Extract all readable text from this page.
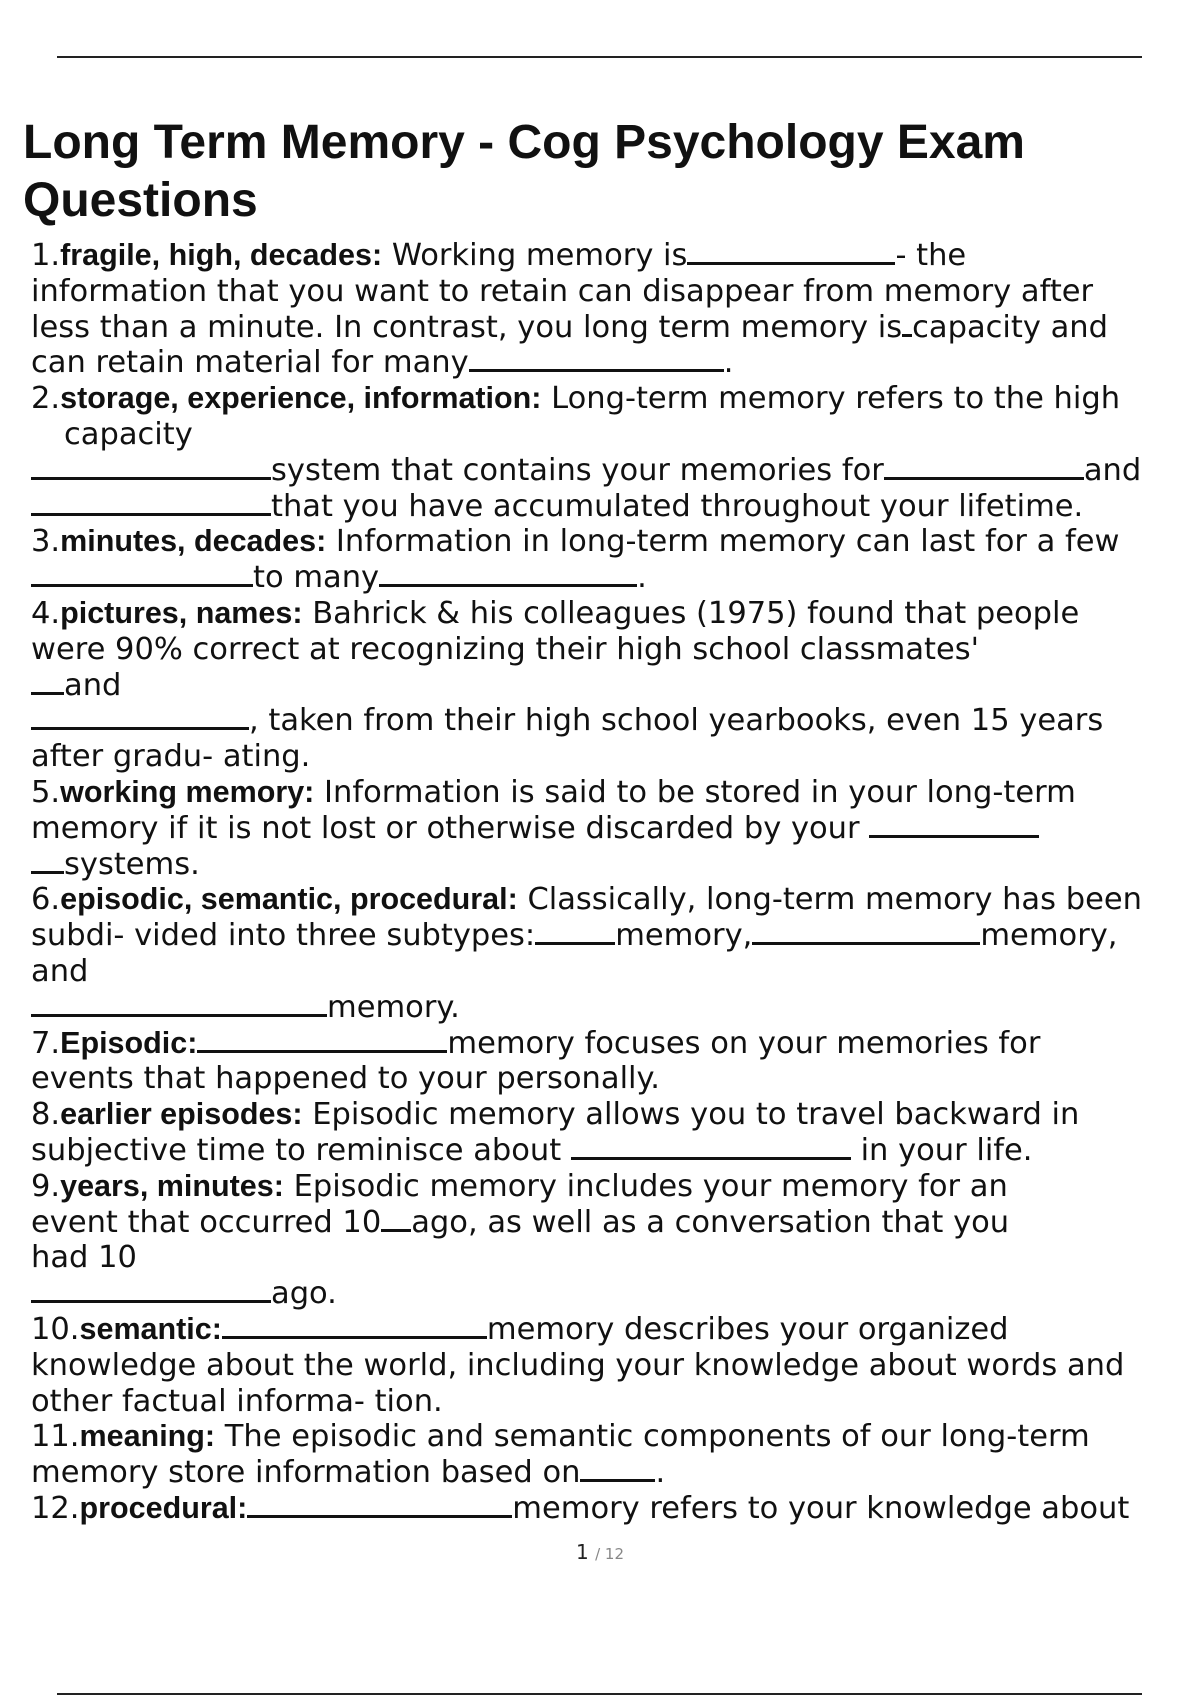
Long Term Memory - Cog Psychology Exam Questions
1.fragile, high, decades: Working memory is	- the
information that you want to retain can disappear from memory after
less than a minute. In contrast, you long term memory is capacity and
can retain material for many	.
2.storage, experience, information: Long-term memory refers to the high
capacity
system that contains your memories for	and
that you have accumulated throughout your lifetime.
3.minutes, decades: Information in long-term memory can last for a few
to many	.
4.pictures, names: Bahrick & his colleagues (1975) found that people
were 90% correct at recognizing their high school classmates'
and
, taken from their high school yearbooks, even 15 years
after gradu- ating.
5.working memory: Information is said to be stored in your long-term
memory if it is not lost or otherwise discarded by your
systems.
6.episodic, semantic, procedural: Classically, long-term memory has been
subdi- vided into three subtypes:	memory,	memory,
and
memory.
7.Episodic:	memory focuses on your memories for
events that happened to your personally.
8.earlier episodes: Episodic memory allows you to travel backward in
subjective time to reminisce about	in your life.
9.years, minutes: Episodic memory includes your memory for an
event that occurred 10 ago, as well as a conversation that you
had 10
ago.
10.semantic:	memory describes your organized
knowledge about the world, including your knowledge about words and
other factual informa- tion.
11.meaning: The episodic and semantic components of our long-term
memory store information based on .
12.procedural:	memory refers to your knowledge about
1 / 12
